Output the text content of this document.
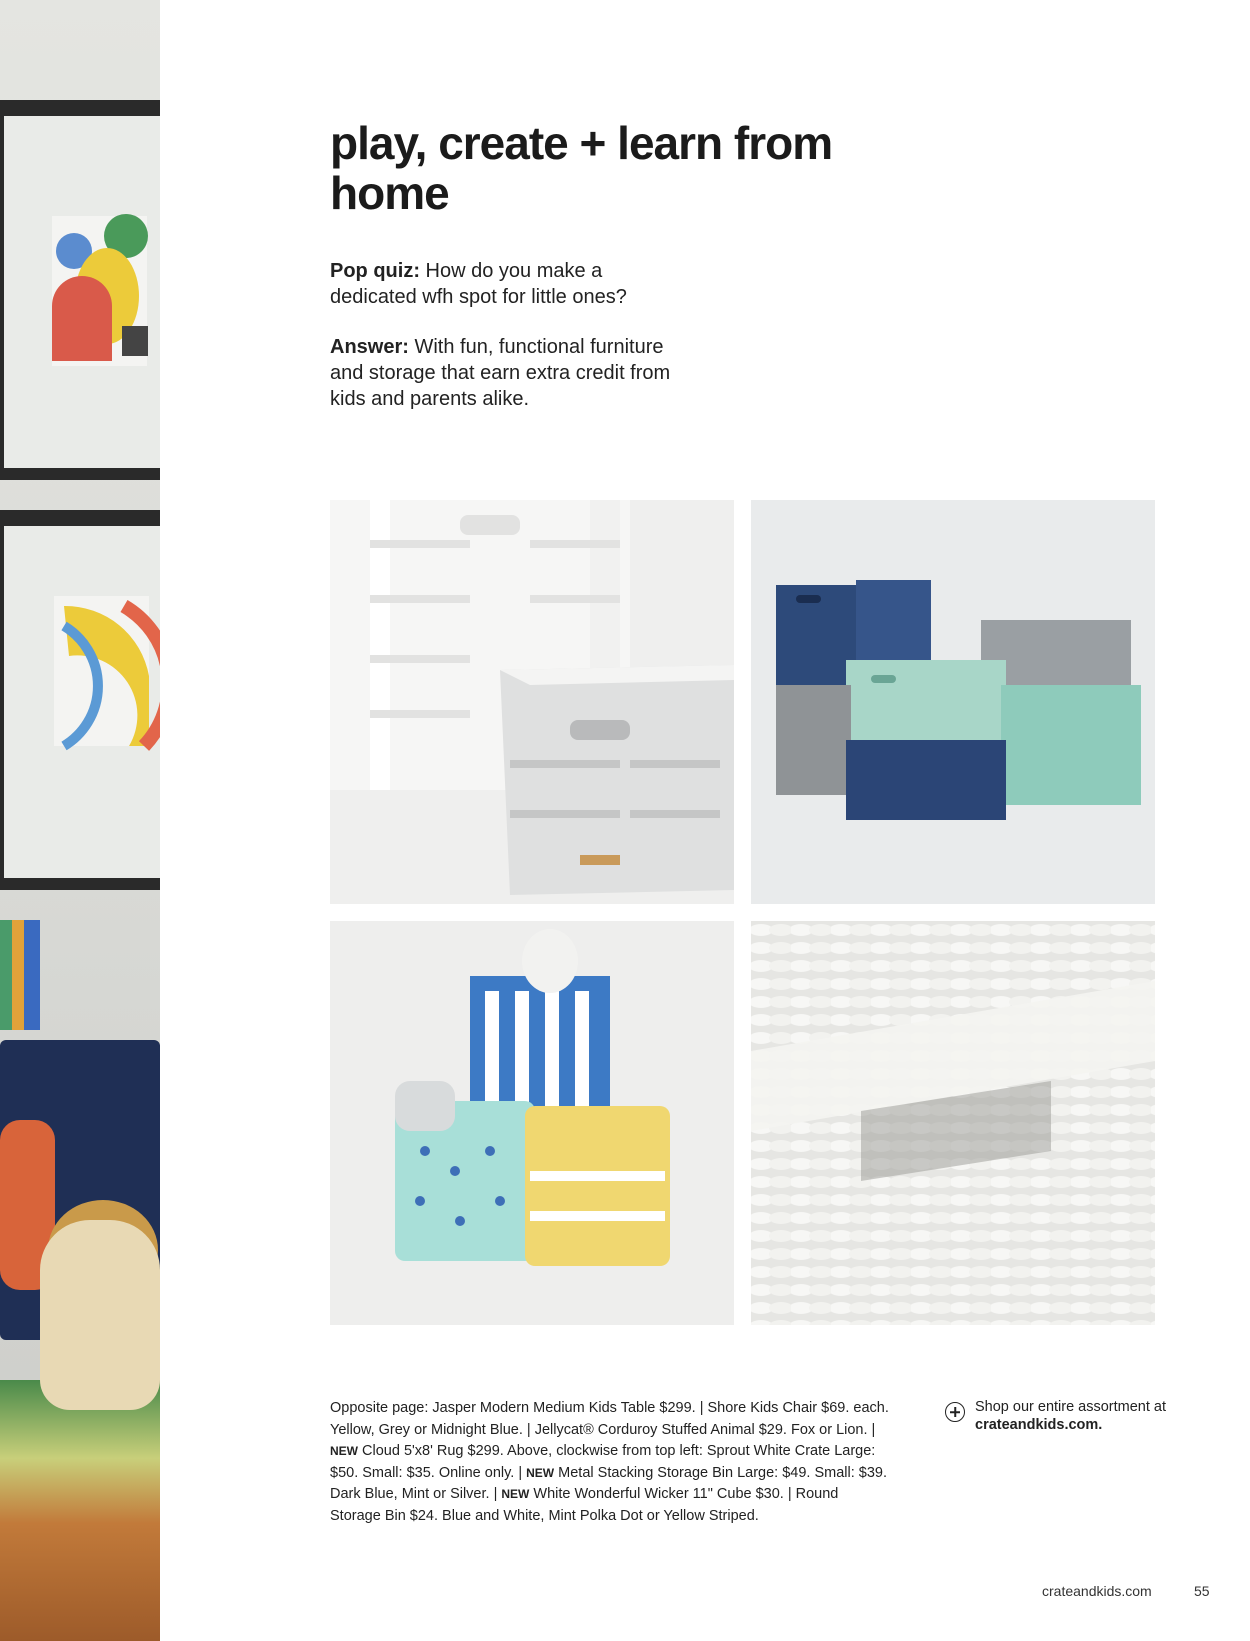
play, create + learn from home

Pop quiz: How do you make a dedicated wfh spot for little ones?

Answer: With fun, functional furniture and storage that earn extra credit from kids and parents alike.

Opposite page: Jasper Modern Medium Kids Table $299. | Shore Kids Chair $69. each. Yellow, Grey or Midnight Blue. | Jellycat® Corduroy Stuffed Animal $29. Fox or Lion. | NEW Cloud 5'x8' Rug $299. Above, clockwise from top left: Sprout White Crate Large: $50. Small: $35. Online only. | NEW Metal Stacking Storage Bin Large: $49. Small: $39. Dark Blue, Mint or Silver. | NEW White Wonderful Wicker 11" Cube $30. | Round Storage Bin $24. Blue and White, Mint Polka Dot or Yellow Striped.

Shop our entire assortment at crateandkids.com.
crateandkids.com	55
